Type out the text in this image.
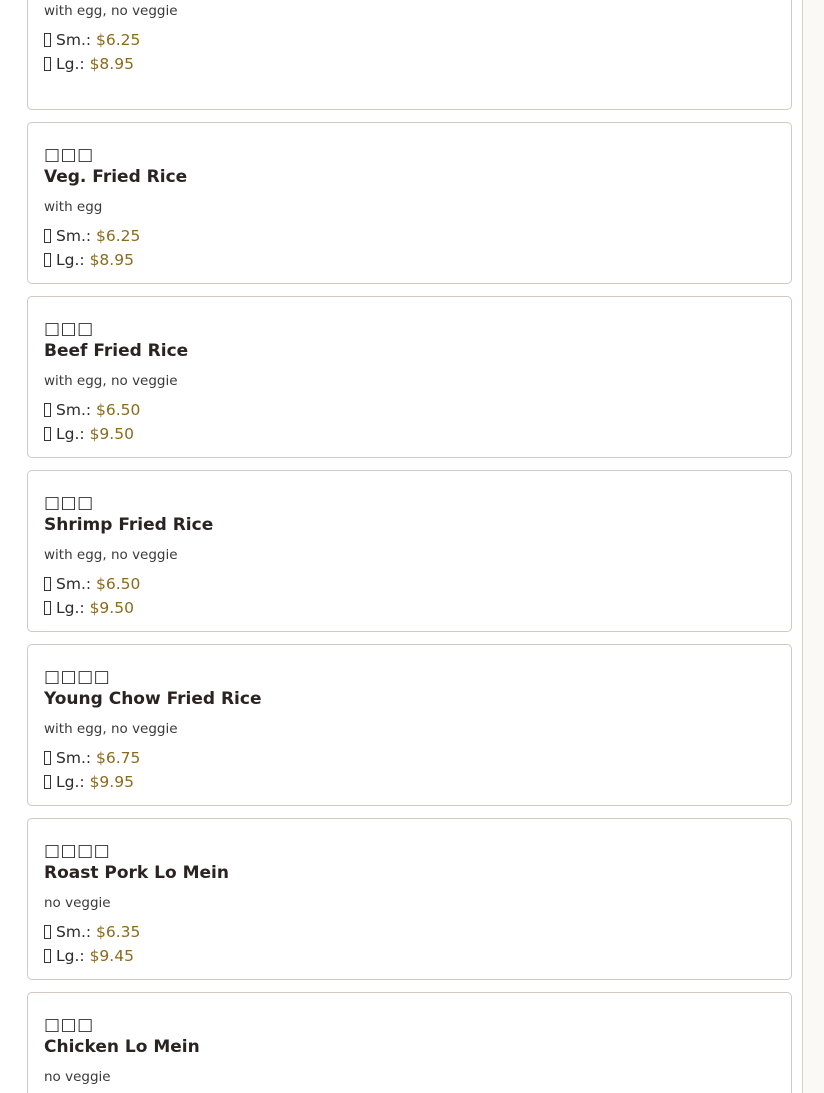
with egg, no veggie
Sm.: $6.25
Lg.: $8.95
□□□
Veg. Fried Rice
with egg
Sm.: $6.25
Lg.: $8.95
□□□
Beef Fried Rice
with egg, no veggie
Sm.: $6.50
Lg.: $9.50
□□□
Shrimp Fried Rice
with egg, no veggie
Sm.: $6.50
Lg.: $9.50
□□□□
Young Chow Fried Rice
with egg, no veggie
Sm.: $6.75
Lg.: $9.95
□□□□
Roast Pork Lo Mein
no veggie
Sm.: $6.35
Lg.: $9.45
□□□
Chicken Lo Mein
no veggie
